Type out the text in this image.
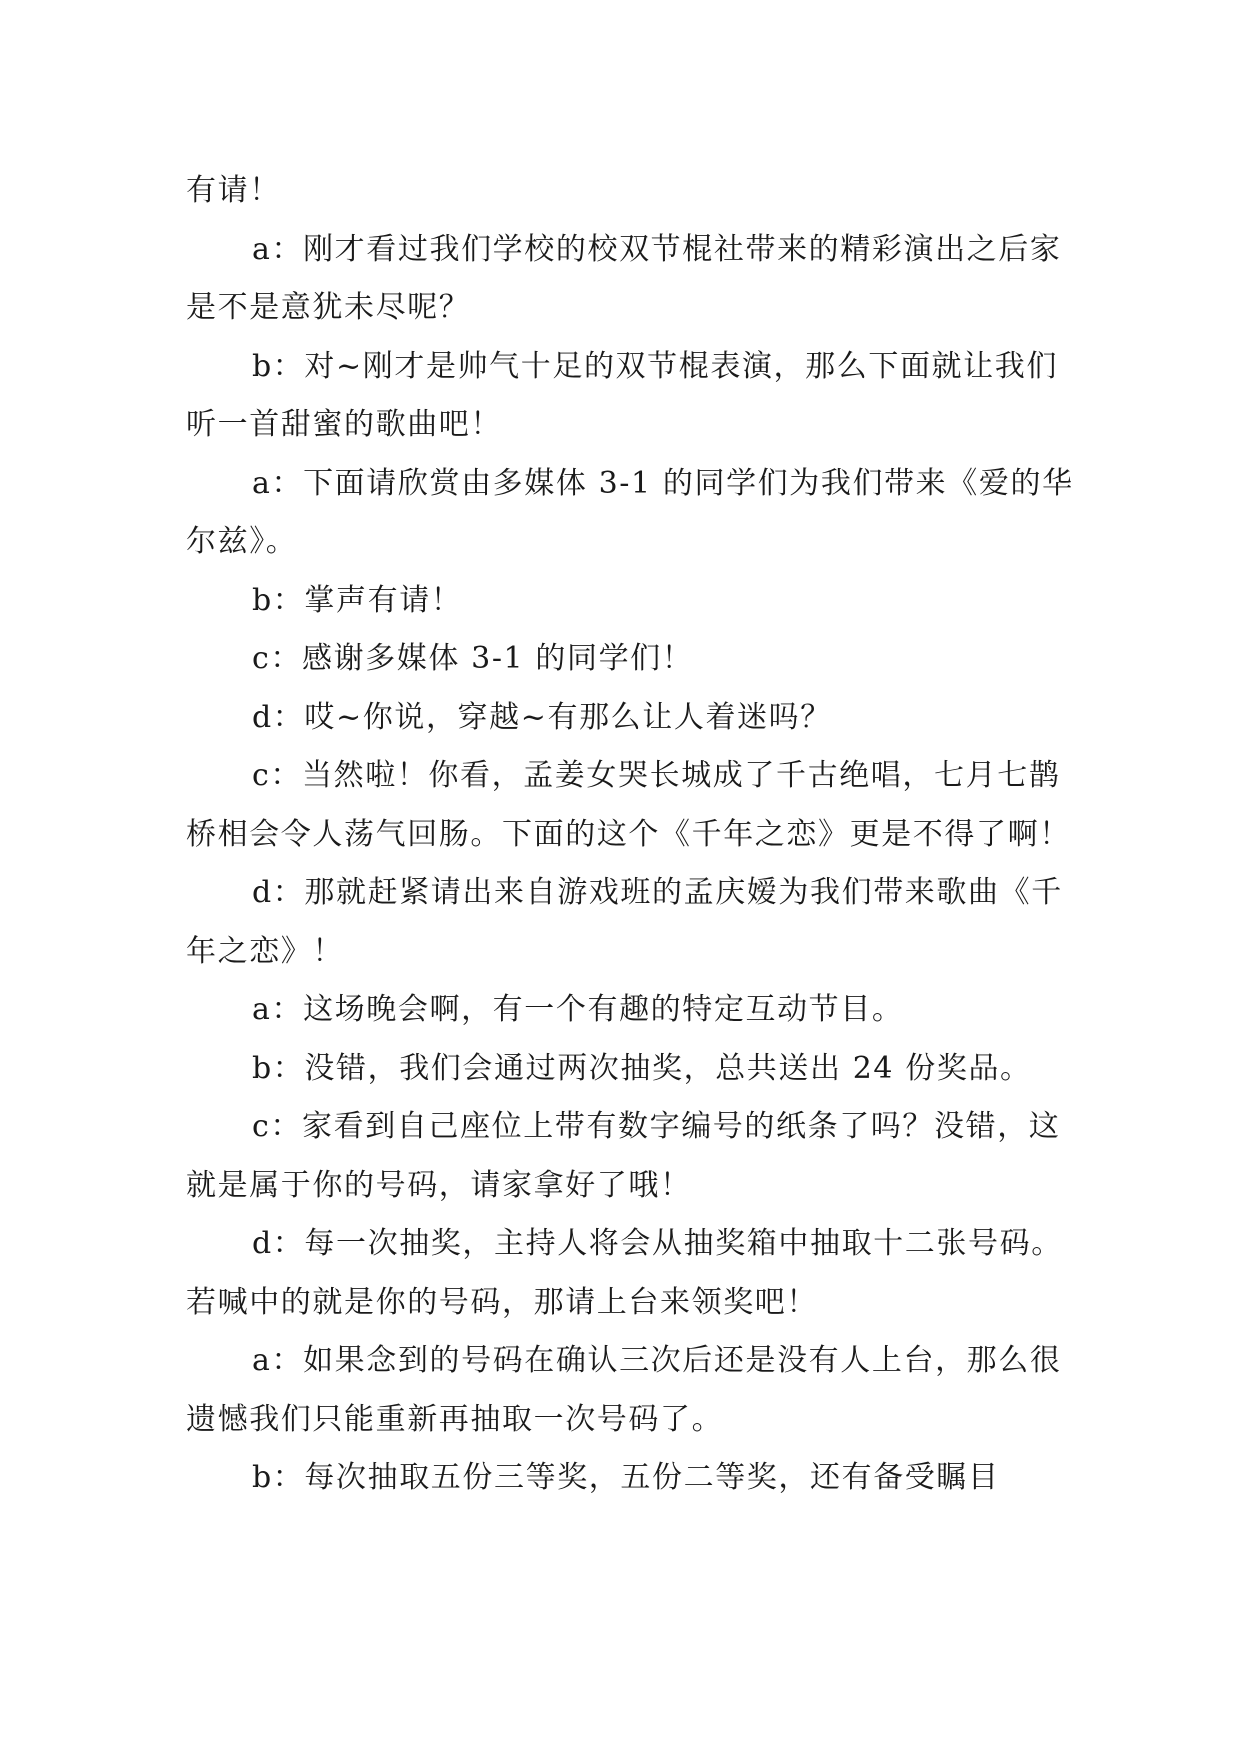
有请！

a：刚才看过我们学校的校双节棍社带来的精彩演出之后家是不是意犹未尽呢？

b：对~刚才是帅气十足的双节棍表演，那么下面就让我们听一首甜蜜的歌曲吧！

a：下面请欣赏由多媒体 3-1 的同学们为我们带来《爱的华尔兹》。

b：掌声有请！

c：感谢多媒体 3-1 的同学们！

d：哎~你说，穿越~有那么让人着迷吗？

c：当然啦！你看，孟姜女哭长城成了千古绝唱，七月七鹊桥相会令人荡气回肠。下面的这个《千年之恋》更是不得了啊！

d：那就赶紧请出来自游戏班的孟庆嫒为我们带来歌曲《千年之恋》！

a：这场晚会啊，有一个有趣的特定互动节目。

b：没错，我们会通过两次抽奖，总共送出 24 份奖品。

c：家看到自己座位上带有数字编号的纸条了吗？没错，这就是属于你的号码，请家拿好了哦！

d：每一次抽奖，主持人将会从抽奖箱中抽取十二张号码。若喊中的就是你的号码，那请上台来领奖吧！

a：如果念到的号码在确认三次后还是没有人上台，那么很遗憾我们只能重新再抽取一次号码了。

b：每次抽取五份三等奖，五份二等奖，还有备受瞩目
